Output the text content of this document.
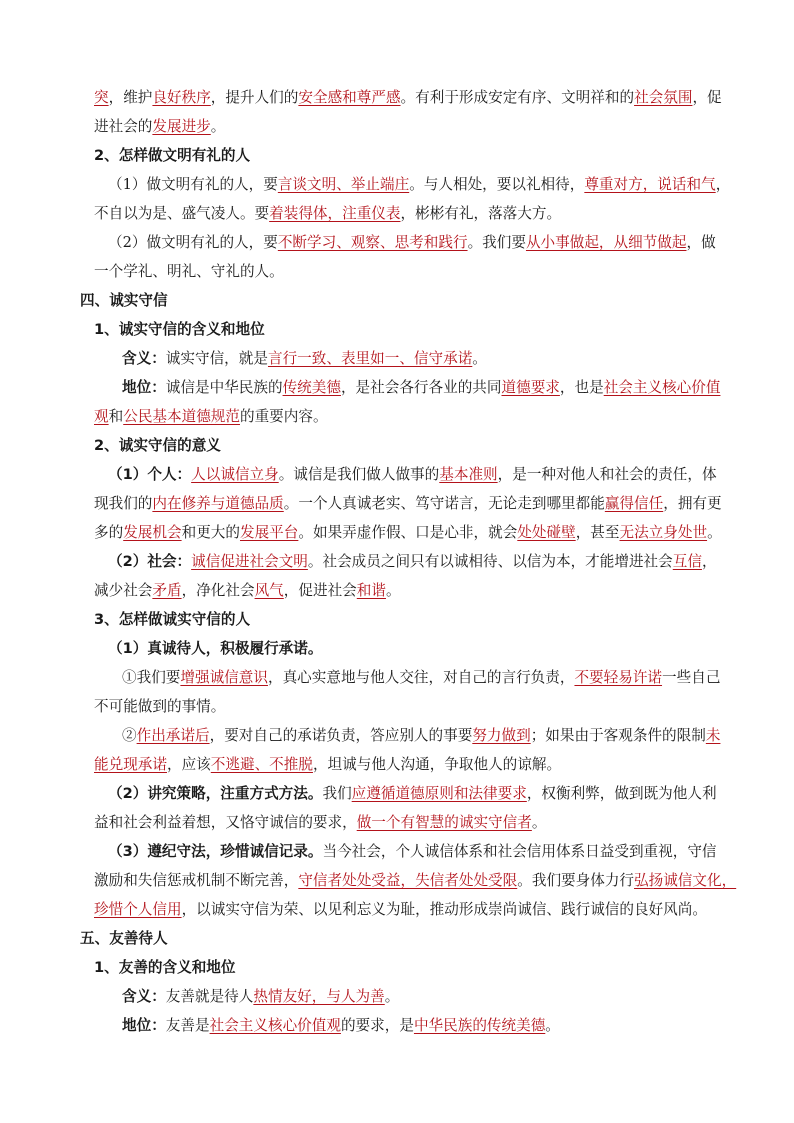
突，维护良好秩序，提升人们的安全感和尊严感。有利于形成安定有序、文明祥和的社会氛围，促
进社会的发展进步。
2、怎样做文明有礼的人
（1）做文明有礼的人，要言谈文明、举止端庄。与人相处，要以礼相待，尊重对方，说话和气，
不自以为是、盛气凌人。要着装得体，注重仪表，彬彬有礼，落落大方。
（2）做文明有礼的人，要不断学习、观察、思考和践行。我们要从小事做起，从细节做起，做
一个学礼、明礼、守礼的人。
四、诚实守信
1、诚实守信的含义和地位
含义：诚实守信，就是言行一致、表里如一、信守承诺。
地位：诚信是中华民族的传统美德，是社会各行各业的共同道德要求，也是社会主义核心价值
观和公民基本道德规范的重要内容。
2、诚实守信的意义
（1）个人：人以诚信立身。诚信是我们做人做事的基本准则，是一种对他人和社会的责任，体
现我们的内在修养与道德品质。一个人真诚老实、笃守诺言，无论走到哪里都能赢得信任，拥有更
多的发展机会和更大的发展平台。如果弄虚作假、口是心非，就会处处碰壁，甚至无法立身处世。
（2）社会：诚信促进社会文明。社会成员之间只有以诚相待、以信为本，才能增进社会互信，
减少社会矛盾，净化社会风气，促进社会和谐。
3、怎样做诚实守信的人
（1）真诚待人，积极履行承诺。
①我们要增强诚信意识，真心实意地与他人交往，对自己的言行负责，不要轻易许诺一些自己
不可能做到的事情。
②作出承诺后，要对自己的承诺负责，答应别人的事要努力做到；如果由于客观条件的限制未
能兑现承诺，应该不逃避、不推脱，坦诚与他人沟通，争取他人的谅解。
（2）讲究策略，注重方式方法。我们应遵循道德原则和法律要求，权衡利弊，做到既为他人利
益和社会利益着想，又恪守诚信的要求，做一个有智慧的诚实守信者。
（3）遵纪守法，珍惜诚信记录。当今社会，个人诚信体系和社会信用体系日益受到重视，守信
激励和失信惩戒机制不断完善，守信者处处受益，失信者处处受限。我们要身体力行弘扬诚信文化，
珍惜个人信用，以诚实守信为荣、以见利忘义为耻，推动形成崇尚诚信、践行诚信的良好风尚。
五、友善待人
1、友善的含义和地位
含义：友善就是待人热情友好，与人为善。
地位：友善是社会主义核心价值观的要求，是中华民族的传统美德。
